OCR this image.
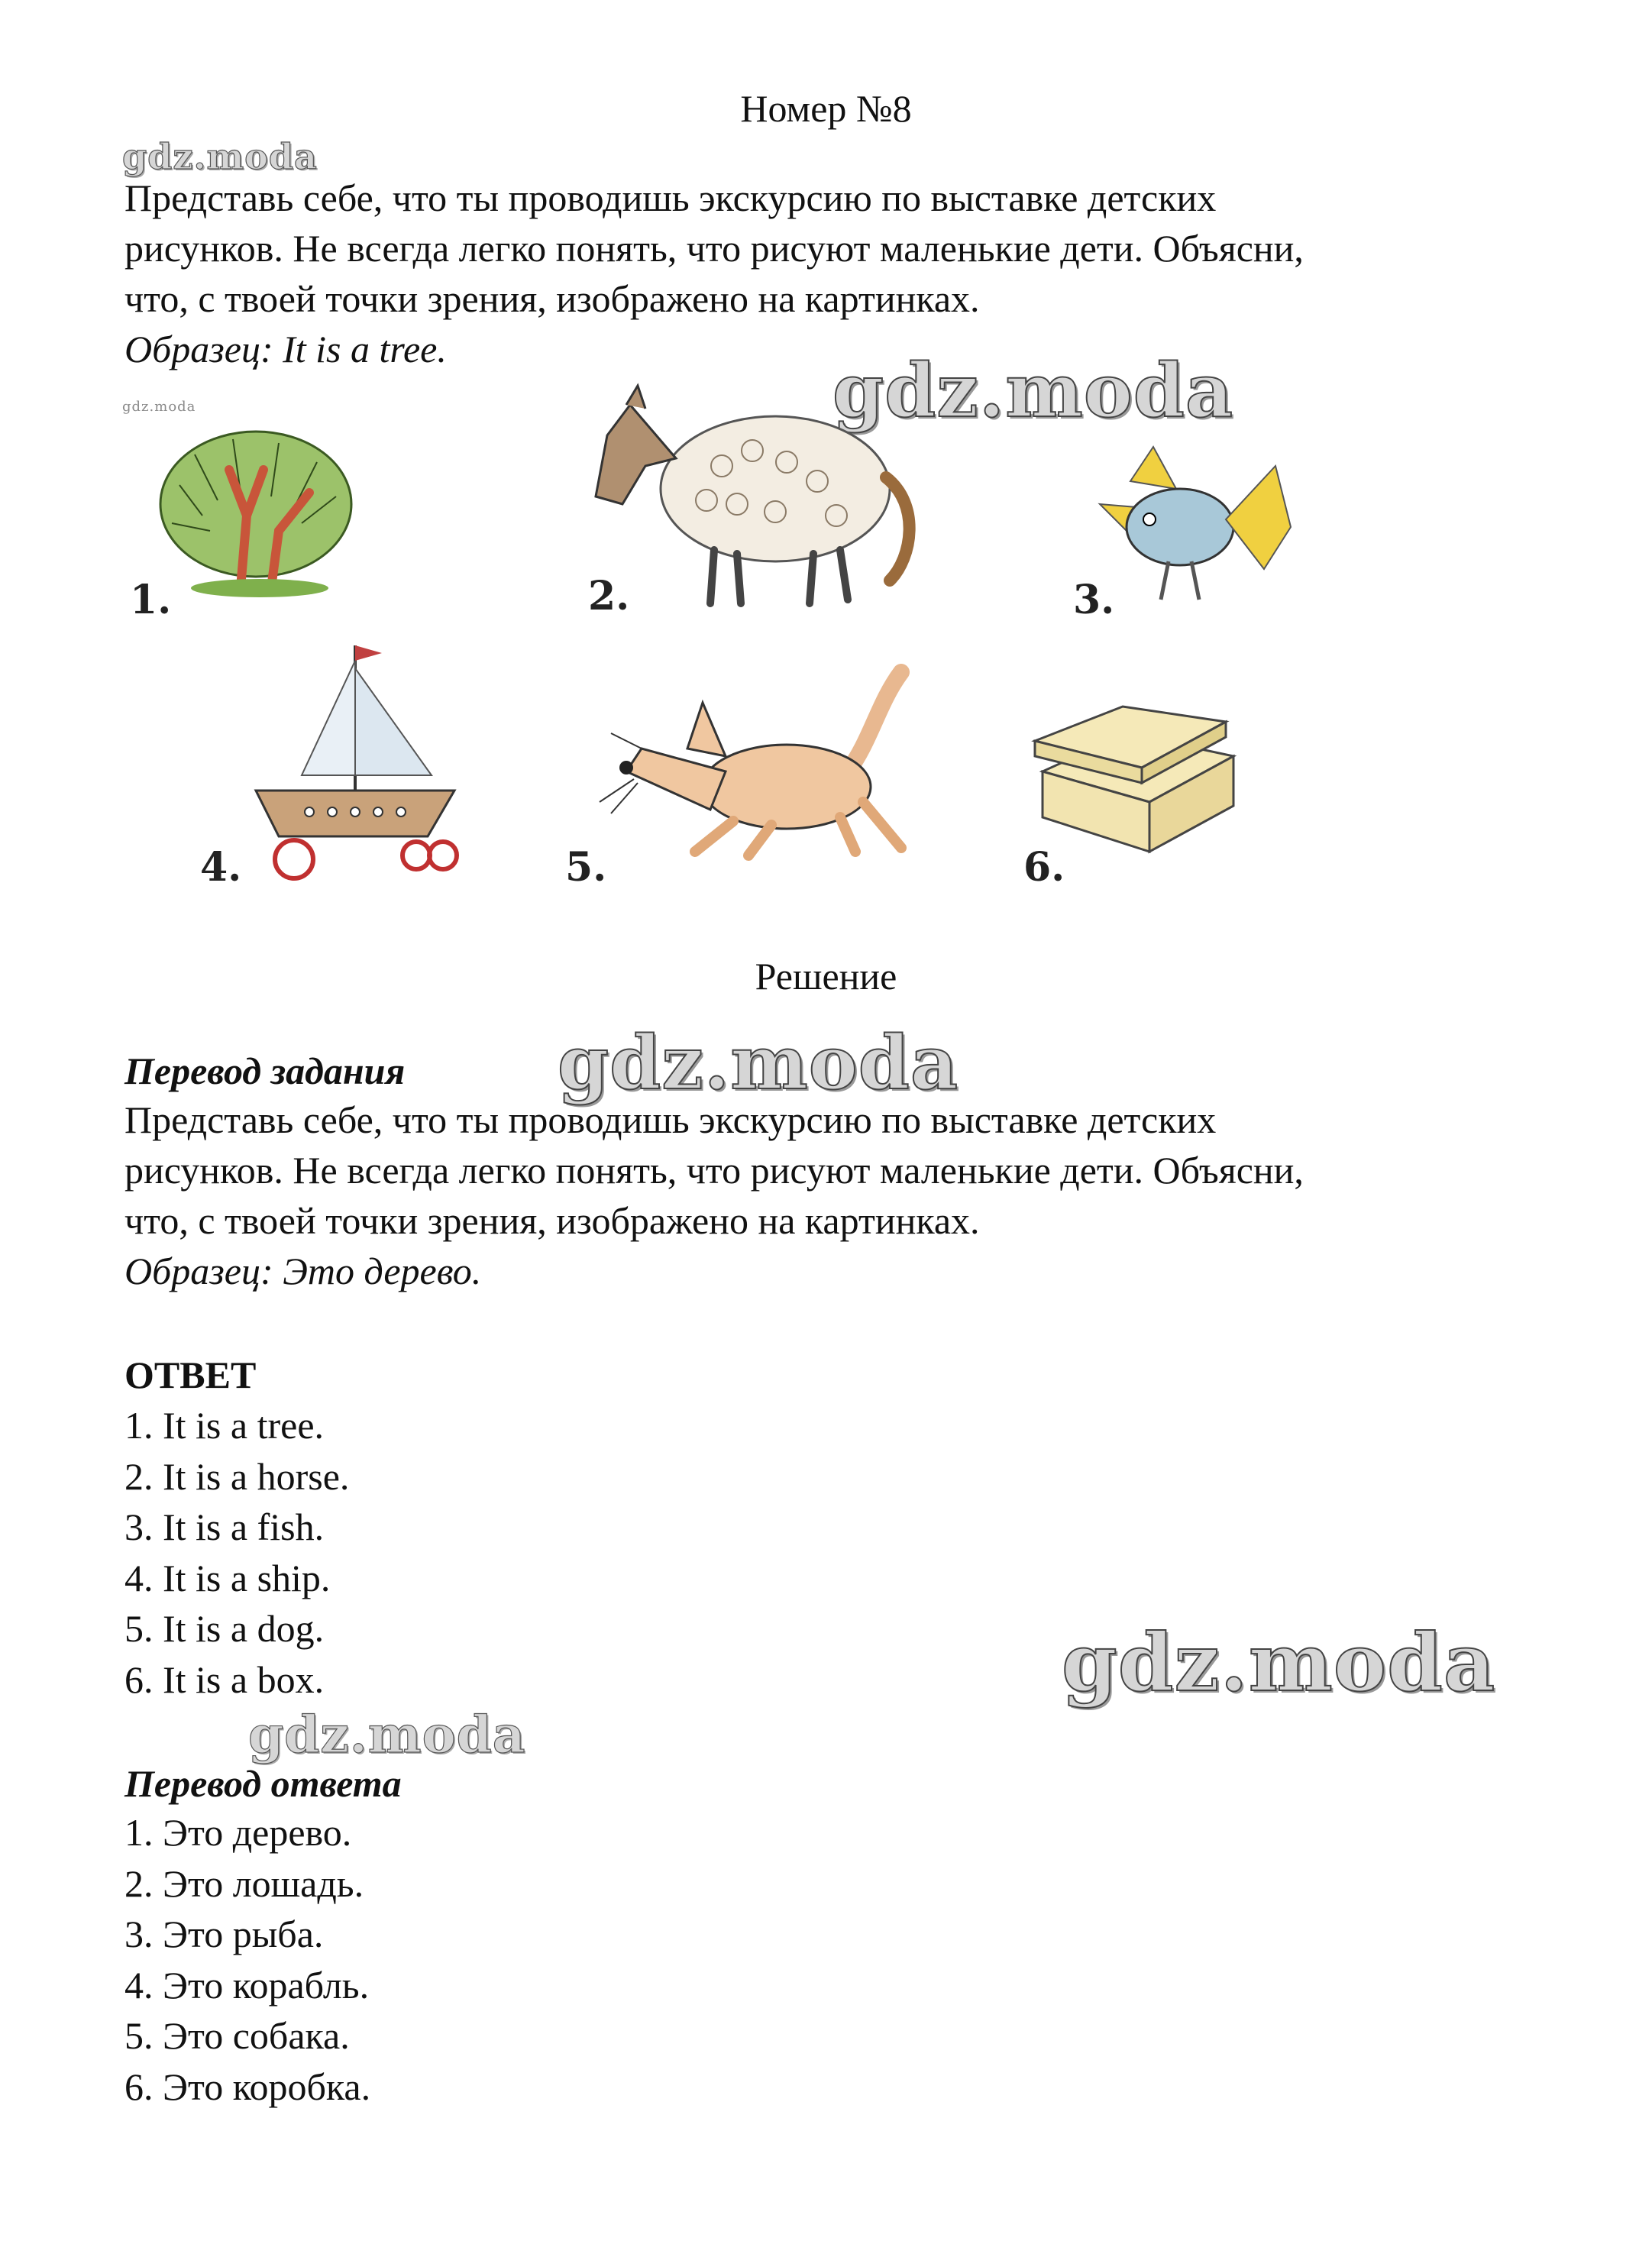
Номер №8
gdz.moda

Представь себе, что ты проводишь экскурсию по выставке детских
рисунков. Не всегда легко понять, что рисуют маленькие дети. Объясни,
что, с твоей точки зрения, изображено на картинках.
Образец: It is a tree.	gdz.moda
gdz.moda
1.	2.	3.
4.	5.	6.
Решение
gdz.moda
Перевод задания

Представь себе, что ты проводишь экскурсию по выставке детских
рисунков. Не всегда легко понять, что рисуют маленькие дети. Объясни,
что, с твоей точки зрения, изображено на картинках.
Образец: Это дерево.

ОТВЕТ
1. It is a tree.
2. It is a horse.
3. It is a fish.
4. It is a ship.
5. It is a dog.
6. It is a box.	gdz.moda
gdz.moda
Перевод ответа
1. Это дерево.
2. Это лошадь.
3. Это рыба.
4. Это корабль.
5. Это собака.
6. Это коробка.
